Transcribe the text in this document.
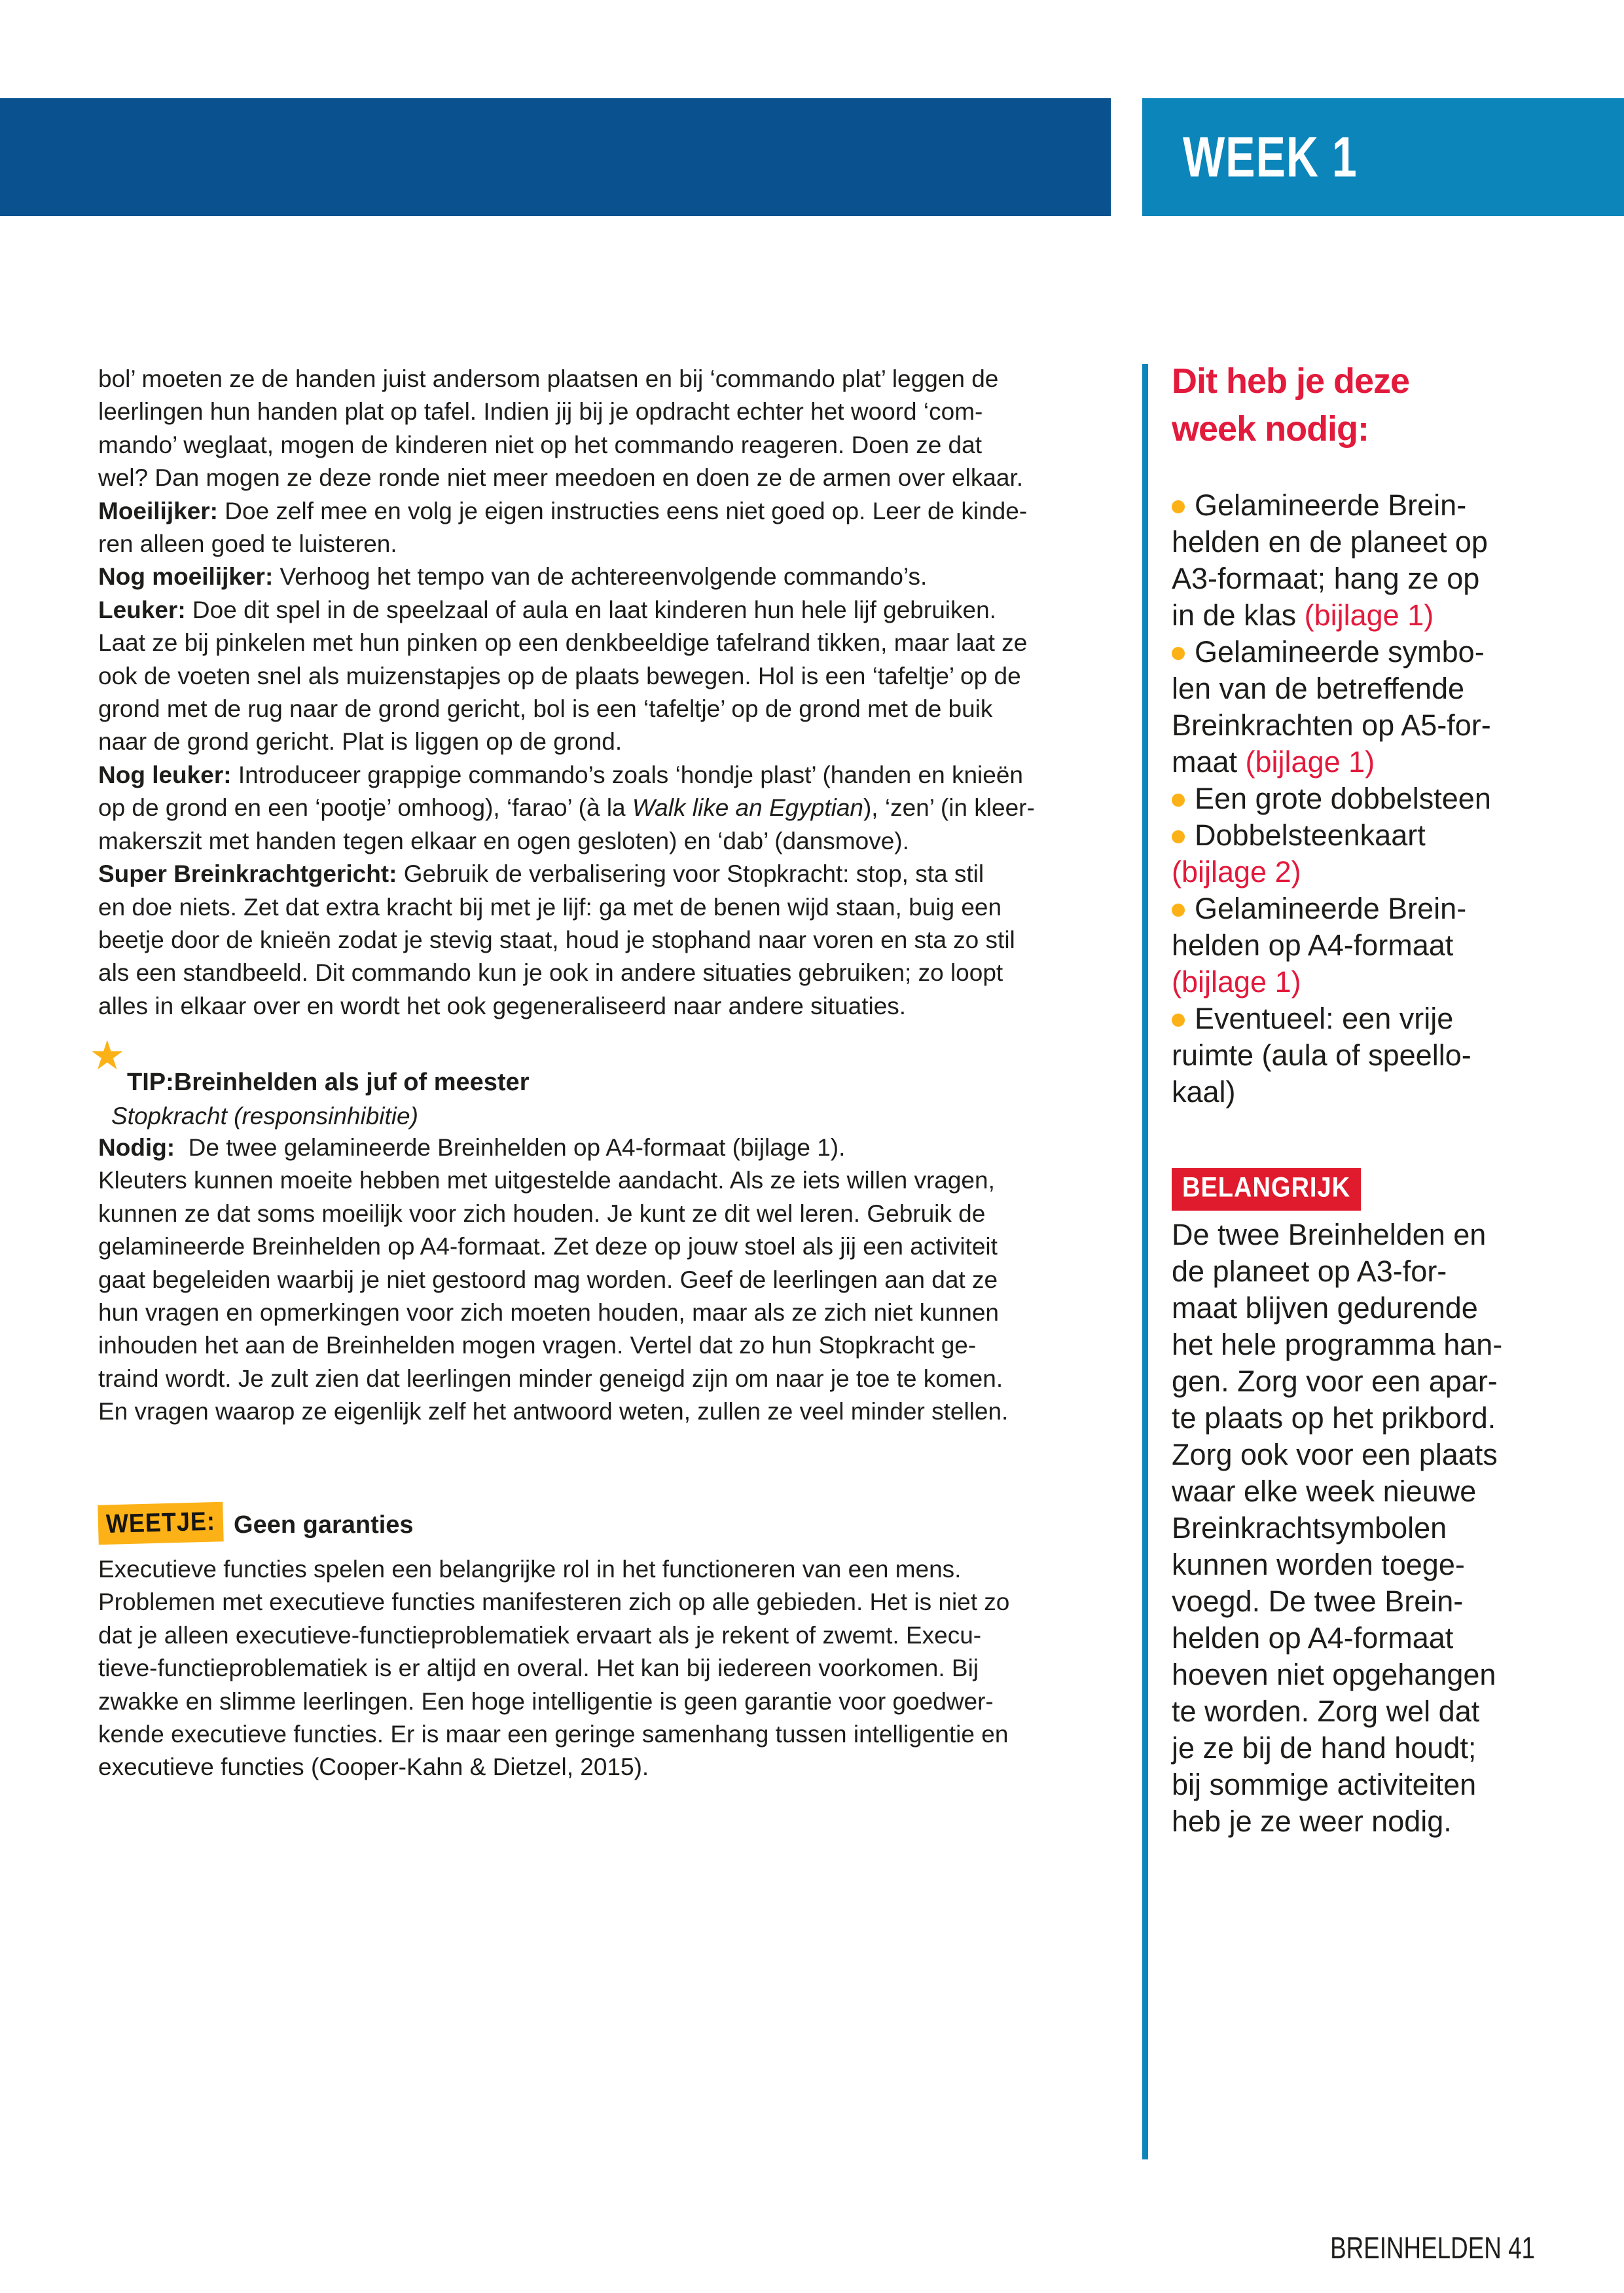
WEEK 1
bol’ moeten ze de handen juist andersom plaatsen en bij ‘commando plat’ leggen de
leerlingen hun handen plat op tafel. Indien jij bij je opdracht echter het woord ‘com-
mando’ weglaat, mogen de kinderen niet op het commando reageren. Doen ze dat
wel? Dan mogen ze deze ronde niet meer meedoen en doen ze de armen over elkaar.
Moeilijker: Doe zelf mee en volg je eigen instructies eens niet goed op. Leer de kinde-
ren alleen goed te luisteren.
Nog moeilijker: Verhoog het tempo van de achtereenvolgende commando’s.
Leuker: Doe dit spel in de speelzaal of aula en laat kinderen hun hele lijf gebruiken.
Laat ze bij pinkelen met hun pinken op een denkbeeldige tafelrand tikken, maar laat ze
ook de voeten snel als muizenstapjes op de plaats bewegen. Hol is een ‘tafeltje’ op de
grond met de rug naar de grond gericht, bol is een ‘tafeltje’ op de grond met de buik
naar de grond gericht. Plat is liggen op de grond.
Nog leuker: Introduceer grappige commando’s zoals ‘hondje plast’ (handen en knieën
op de grond en een ‘pootje’ omhoog), ‘farao’ (à la Walk like an Egyptian), ‘zen’ (in kleer-
makerszit met handen tegen elkaar en ogen gesloten) en ‘dab’ (dansmove).
Super Breinkrachtgericht: Gebruik de verbalisering voor Stopkracht: stop, sta stil
en doe niets. Zet dat extra kracht bij met je lijf: ga met de benen wijd staan, buig een
beetje door de knieën zodat je stevig staat, houd je stophand naar voren en sta zo stil
als een standbeeld. Dit commando kun je ook in andere situaties gebruiken; zo loopt
alles in elkaar over en wordt het ook gegeneraliseerd naar andere situaties.
★
TIP:Breinhelden als juf of meester
Stopkracht (responsinhibitie)
Nodig:  De twee gelamineerde Breinhelden op A4-formaat (bijlage 1).
Kleuters kunnen moeite hebben met uitgestelde aandacht. Als ze iets willen vragen,
kunnen ze dat soms moeilijk voor zich houden. Je kunt ze dit wel leren. Gebruik de
gelamineerde Breinhelden op A4-formaat. Zet deze op jouw stoel als jij een activiteit
gaat begeleiden waarbij je niet gestoord mag worden. Geef de leerlingen aan dat ze
hun vragen en opmerkingen voor zich moeten houden, maar als ze zich niet kunnen
inhouden het aan de Breinhelden mogen vragen. Vertel dat zo hun Stopkracht ge-
traind wordt. Je zult zien dat leerlingen minder geneigd zijn om naar je toe te komen.
En vragen waarop ze eigenlijk zelf het antwoord weten, zullen ze veel minder stellen.
WEETJE: Geen garanties
Executieve functies spelen een belangrijke rol in het functioneren van een mens.
Problemen met executieve functies manifesteren zich op alle gebieden. Het is niet zo
dat je alleen executieve-functieproblematiek ervaart als je rekent of zwemt. Execu-
tieve-functieproblematiek is er altijd en overal. Het kan bij iedereen voorkomen. Bij
zwakke en slimme leerlingen. Een hoge intelligentie is geen garantie voor goedwer-
kende executieve functies. Er is maar een geringe samenhang tussen intelligentie en
executieve functies (Cooper-Kahn & Dietzel, 2015).
Dit heb je deze
week nodig:
Gelamineerde Brein-
helden en de planeet op
A3-formaat; hang ze op
in de klas (bijlage 1)
Gelamineerde symbo-
len van de betreffende
Breinkrachten op A5-for-
maat (bijlage 1)
Een grote dobbelsteen
Dobbelsteenkaart
(bijlage 2)
Gelamineerde Brein-
helden op A4-formaat
(bijlage 1)
Eventueel: een vrije
ruimte (aula of speello-
kaal)
BELANGRIJK
De twee Breinhelden en
de planeet op A3-for-
maat blijven gedurende
het hele programma han-
gen. Zorg voor een apar-
te plaats op het prikbord.
Zorg ook voor een plaats
waar elke week nieuwe
Breinkrachtsymbolen
kunnen worden toege-
voegd. De twee Brein-
helden op A4-formaat
hoeven niet opgehangen
te worden. Zorg wel dat
je ze bij de hand houdt;
bij sommige activiteiten
heb je ze weer nodig.
BREINHELDEN 41
